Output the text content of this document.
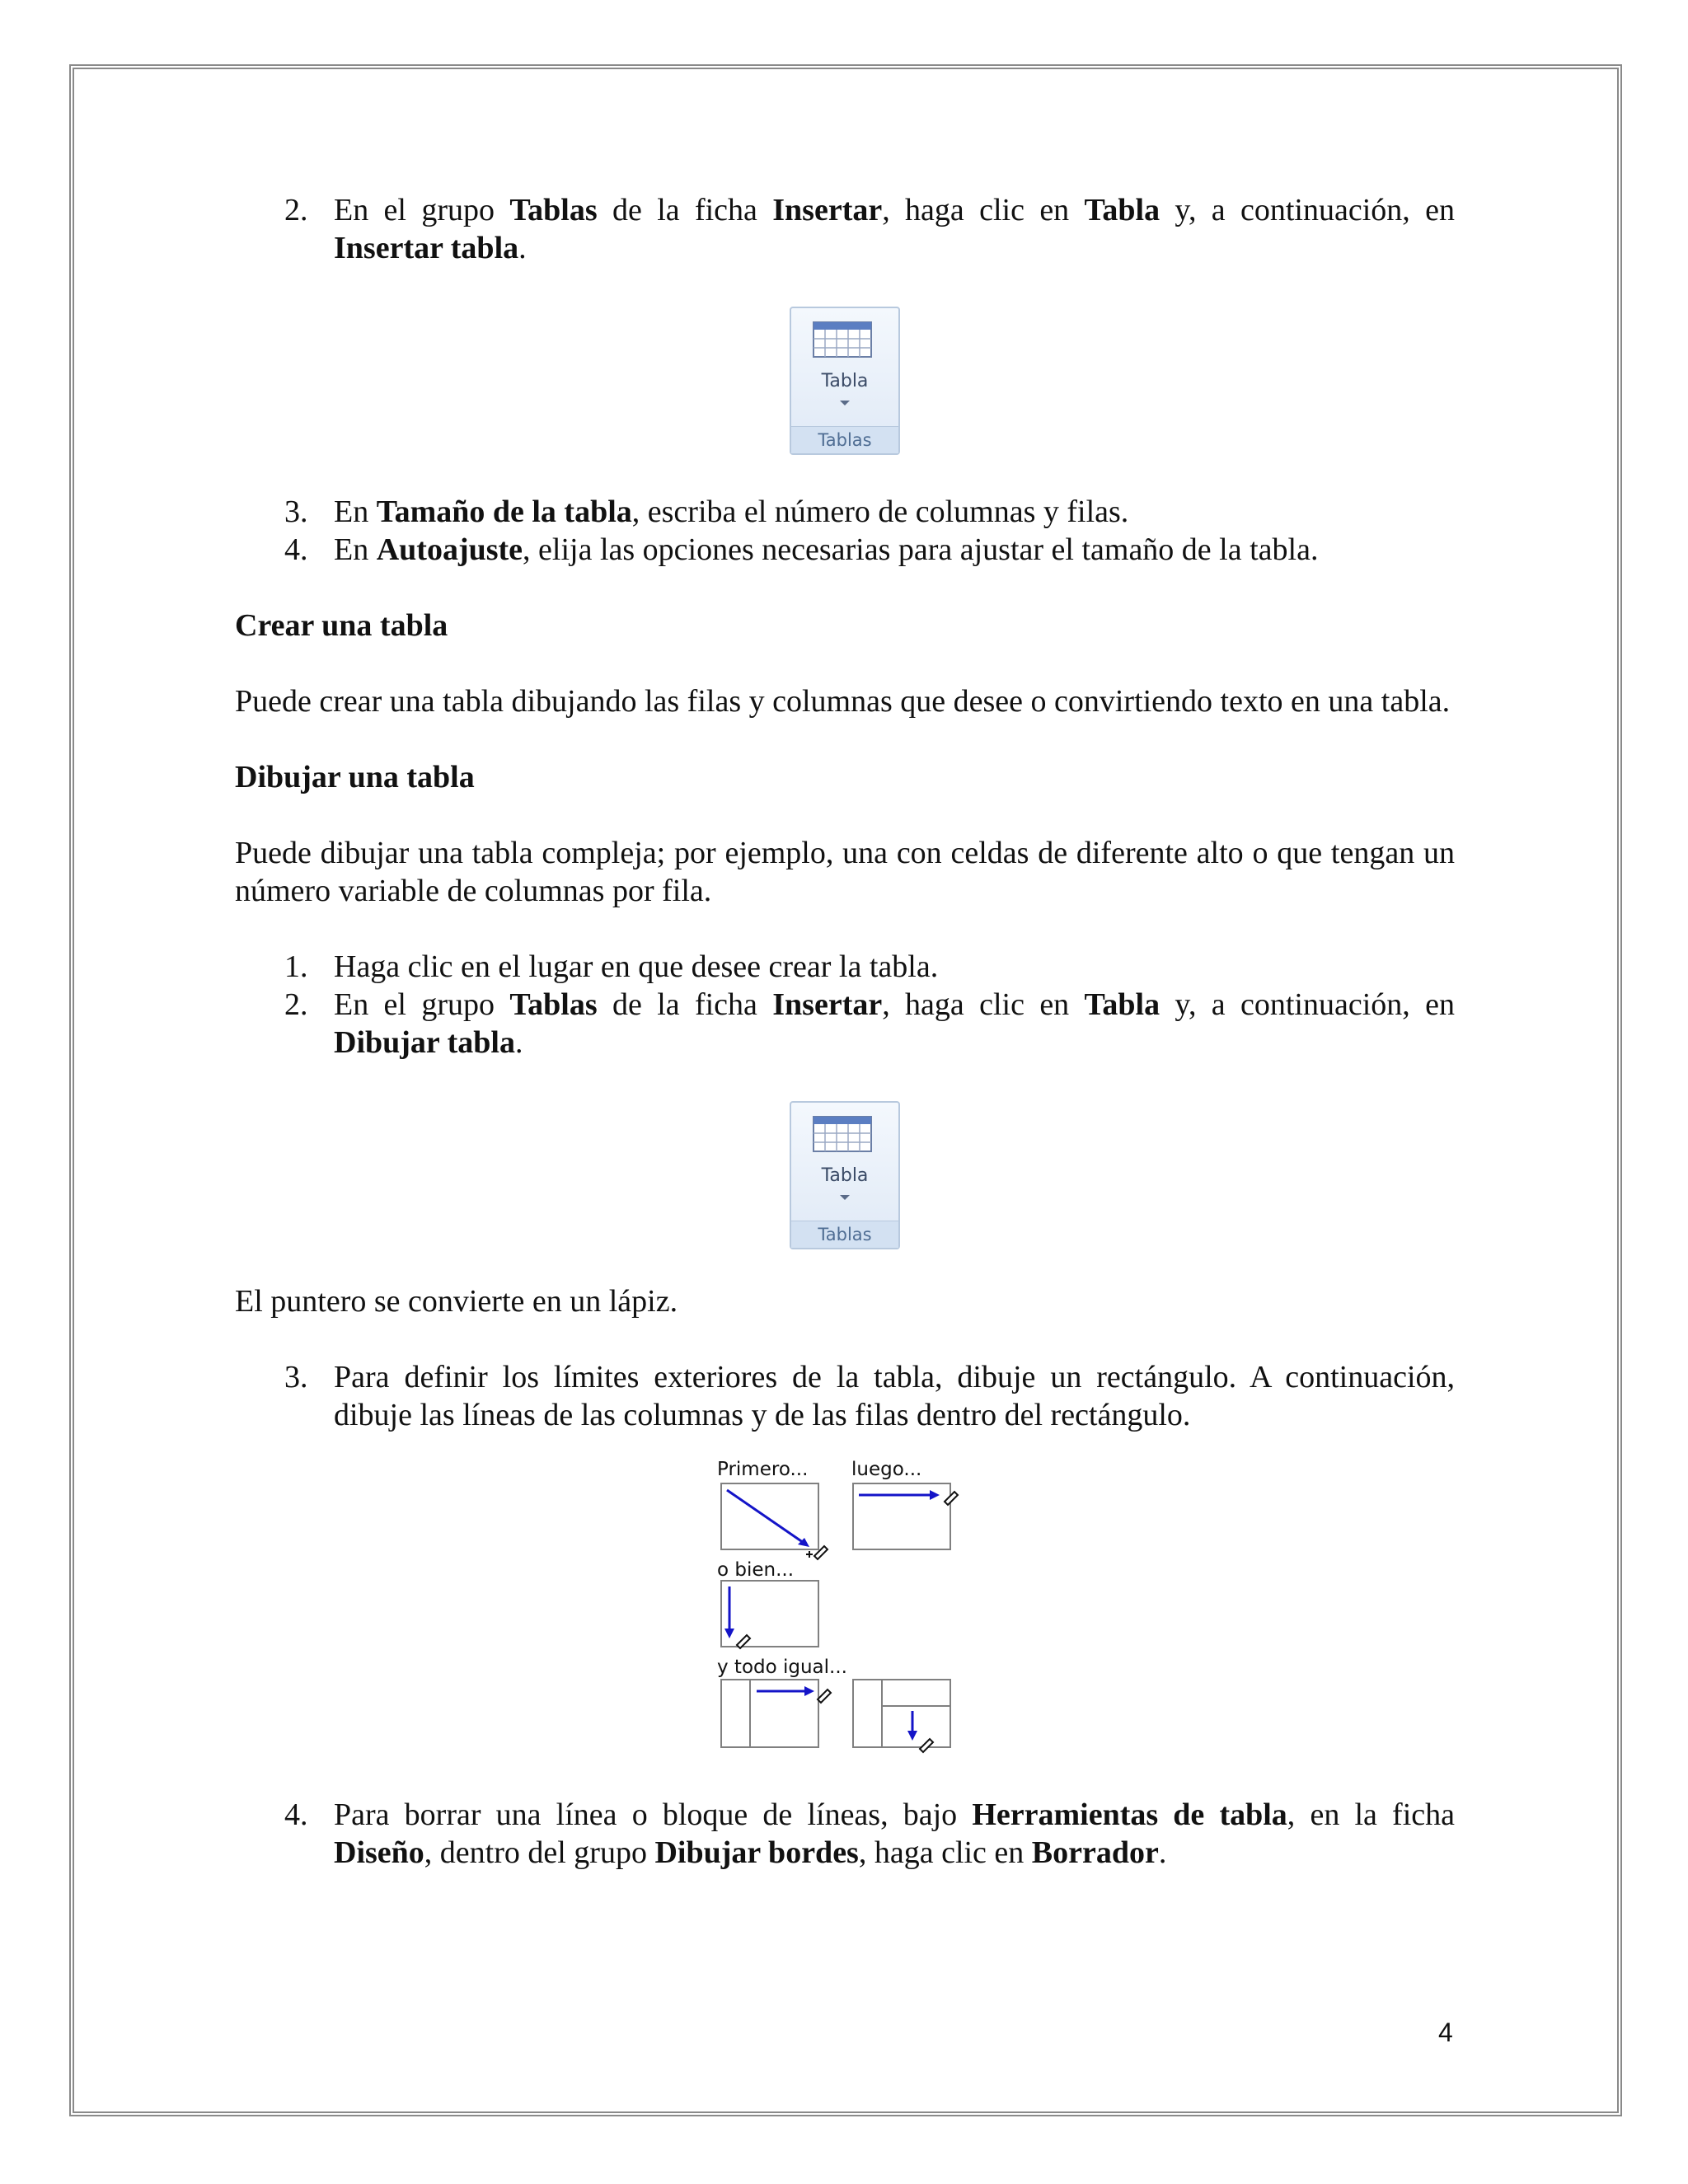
2. En el grupo Tablas de la ficha Insertar, haga clic en Tabla y, a continuación, en Insertar tabla.
Tabla
Tablas
3. En Tamaño de la tabla, escriba el número de columnas y filas.
4. En Autoajuste, elija las opciones necesarias para ajustar el tamaño de la tabla.
Crear una tabla
Puede crear una tabla dibujando las filas y columnas que desee o convirtiendo texto en una tabla.
Dibujar una tabla
Puede dibujar una tabla compleja; por ejemplo, una con celdas de diferente alto o que tengan un número variable de columnas por fila.
1. Haga clic en el lugar en que desee crear la tabla.
2. En el grupo Tablas de la ficha Insertar, haga clic en Tabla y, a continuación, en Dibujar tabla.
Tabla
Tablas
El puntero se convierte en un lápiz.
3. Para definir los límites exteriores de la tabla, dibuje un rectángulo. A continuación, dibuje las líneas de las columnas y de las filas dentro del rectángulo.
Primero... luego...
o bien...
y todo igual...
4. Para borrar una línea o bloque de líneas, bajo Herramientas de tabla, en la ficha Diseño, dentro del grupo Dibujar bordes, haga clic en Borrador.
4
